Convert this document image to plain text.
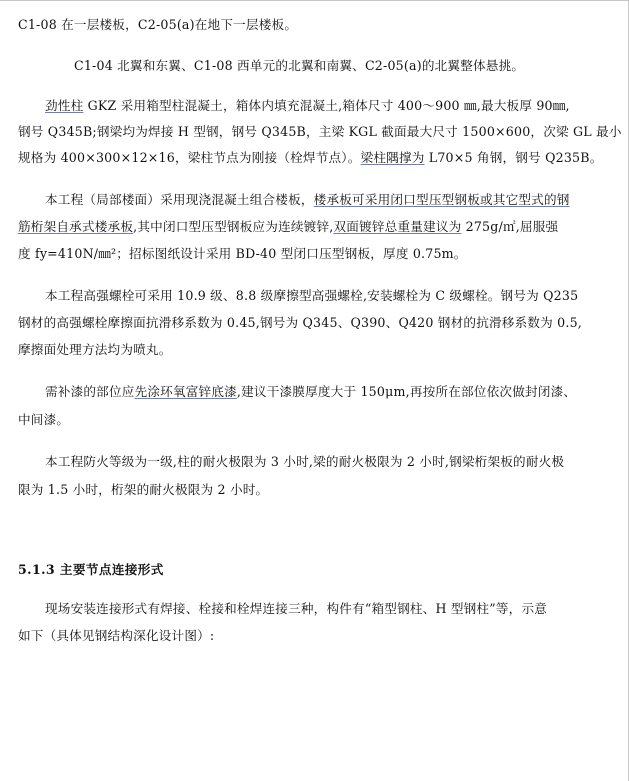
C1-08 在一层楼板，C2-05(a)在地下一层楼板。
C1-04 北翼和东翼、C1-08 西单元的北翼和南翼、C2-05(a)的北翼整体悬挑。
劲性柱 GKZ 采用箱型柱混凝土，箱体内填充混凝土,箱体尺寸 400～900 ㎜,最大板厚 90㎜,
钢号 Q345B;钢梁均为焊接 H 型钢，钢号 Q345B，主梁 KGL 截面最大尺寸 1500×600，次梁 GL 最小
规格为 400×300×12×16，梁柱节点为刚接（栓焊节点）。梁柱隅撑为 L70×5 角钢，钢号 Q235B。
本工程（局部楼面）采用现浇混凝土组合楼板，楼承板可采用闭口型压型钢板或其它型式的钢
筋桁架自承式楼承板,其中闭口型压型钢板应为连续镀锌,双面镀锌总重量建议为 275g/㎡,屈服强
度 fy=410N/㎜²；招标图纸设计采用 BD-40 型闭口压型钢板，厚度 0.75m。
本工程高强螺栓可采用 10.9 级、8.8 级摩擦型高强螺栓,安装螺栓为 C 级螺栓。钢号为 Q235
钢材的高强螺栓摩擦面抗滑移系数为 0.45,钢号为 Q345、Q390、Q420 钢材的抗滑移系数为 0.5,
摩擦面处理方法均为喷丸。
需补漆的部位应先涂环氧富锌底漆,建议干漆膜厚度大于 150μm,再按所在部位依次做封闭漆、
中间漆。
本工程防火等级为一级,柱的耐火极限为 3 小时,梁的耐火极限为 2 小时,钢梁桁架板的耐火极
限为 1.5 小时，桁架的耐火极限为 2 小时。
5.1.3 主要节点连接形式
现场安装连接形式有焊接、栓接和栓焊连接三种，构件有“箱型钢柱、H 型钢柱”等，示意
如下（具体见钢结构深化设计图）:
